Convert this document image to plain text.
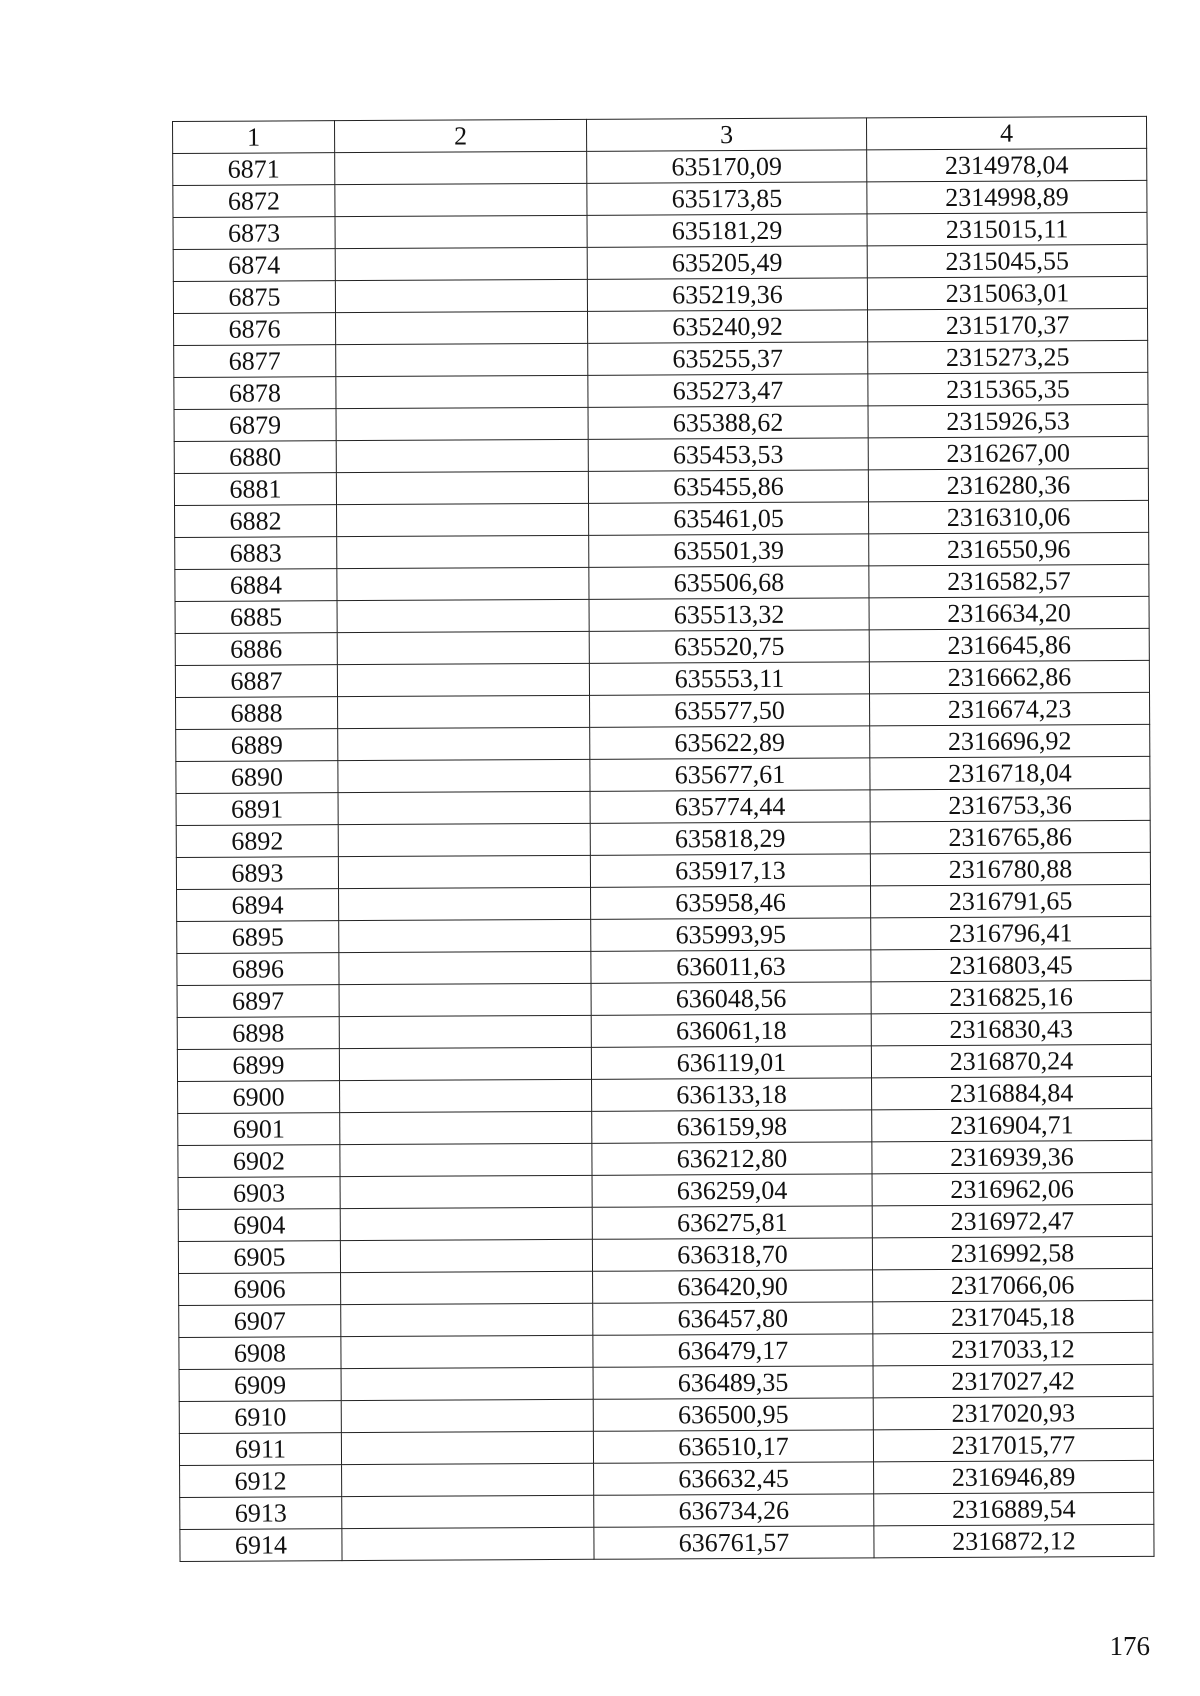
1	2	3	4
6871		635170,09	2314978,04
6872		635173,85	2314998,89
6873		635181,29	2315015,11
6874		635205,49	2315045,55
6875		635219,36	2315063,01
6876		635240,92	2315170,37
6877		635255,37	2315273,25
6878		635273,47	2315365,35
6879		635388,62	2315926,53
6880		635453,53	2316267,00
6881		635455,86	2316280,36
6882		635461,05	2316310,06
6883		635501,39	2316550,96
6884		635506,68	2316582,57
6885		635513,32	2316634,20
6886		635520,75	2316645,86
6887		635553,11	2316662,86
6888		635577,50	2316674,23
6889		635622,89	2316696,92
6890		635677,61	2316718,04
6891		635774,44	2316753,36
6892		635818,29	2316765,86
6893		635917,13	2316780,88
6894		635958,46	2316791,65
6895		635993,95	2316796,41
6896		636011,63	2316803,45
6897		636048,56	2316825,16
6898		636061,18	2316830,43
6899		636119,01	2316870,24
6900		636133,18	2316884,84
6901		636159,98	2316904,71
6902		636212,80	2316939,36
6903		636259,04	2316962,06
6904		636275,81	2316972,47
6905		636318,70	2316992,58
6906		636420,90	2317066,06
6907		636457,80	2317045,18
6908		636479,17	2317033,12
6909		636489,35	2317027,42
6910		636500,95	2317020,93
6911		636510,17	2317015,77
6912		636632,45	2316946,89
6913		636734,26	2316889,54
6914		636761,57	2316872,12
176
